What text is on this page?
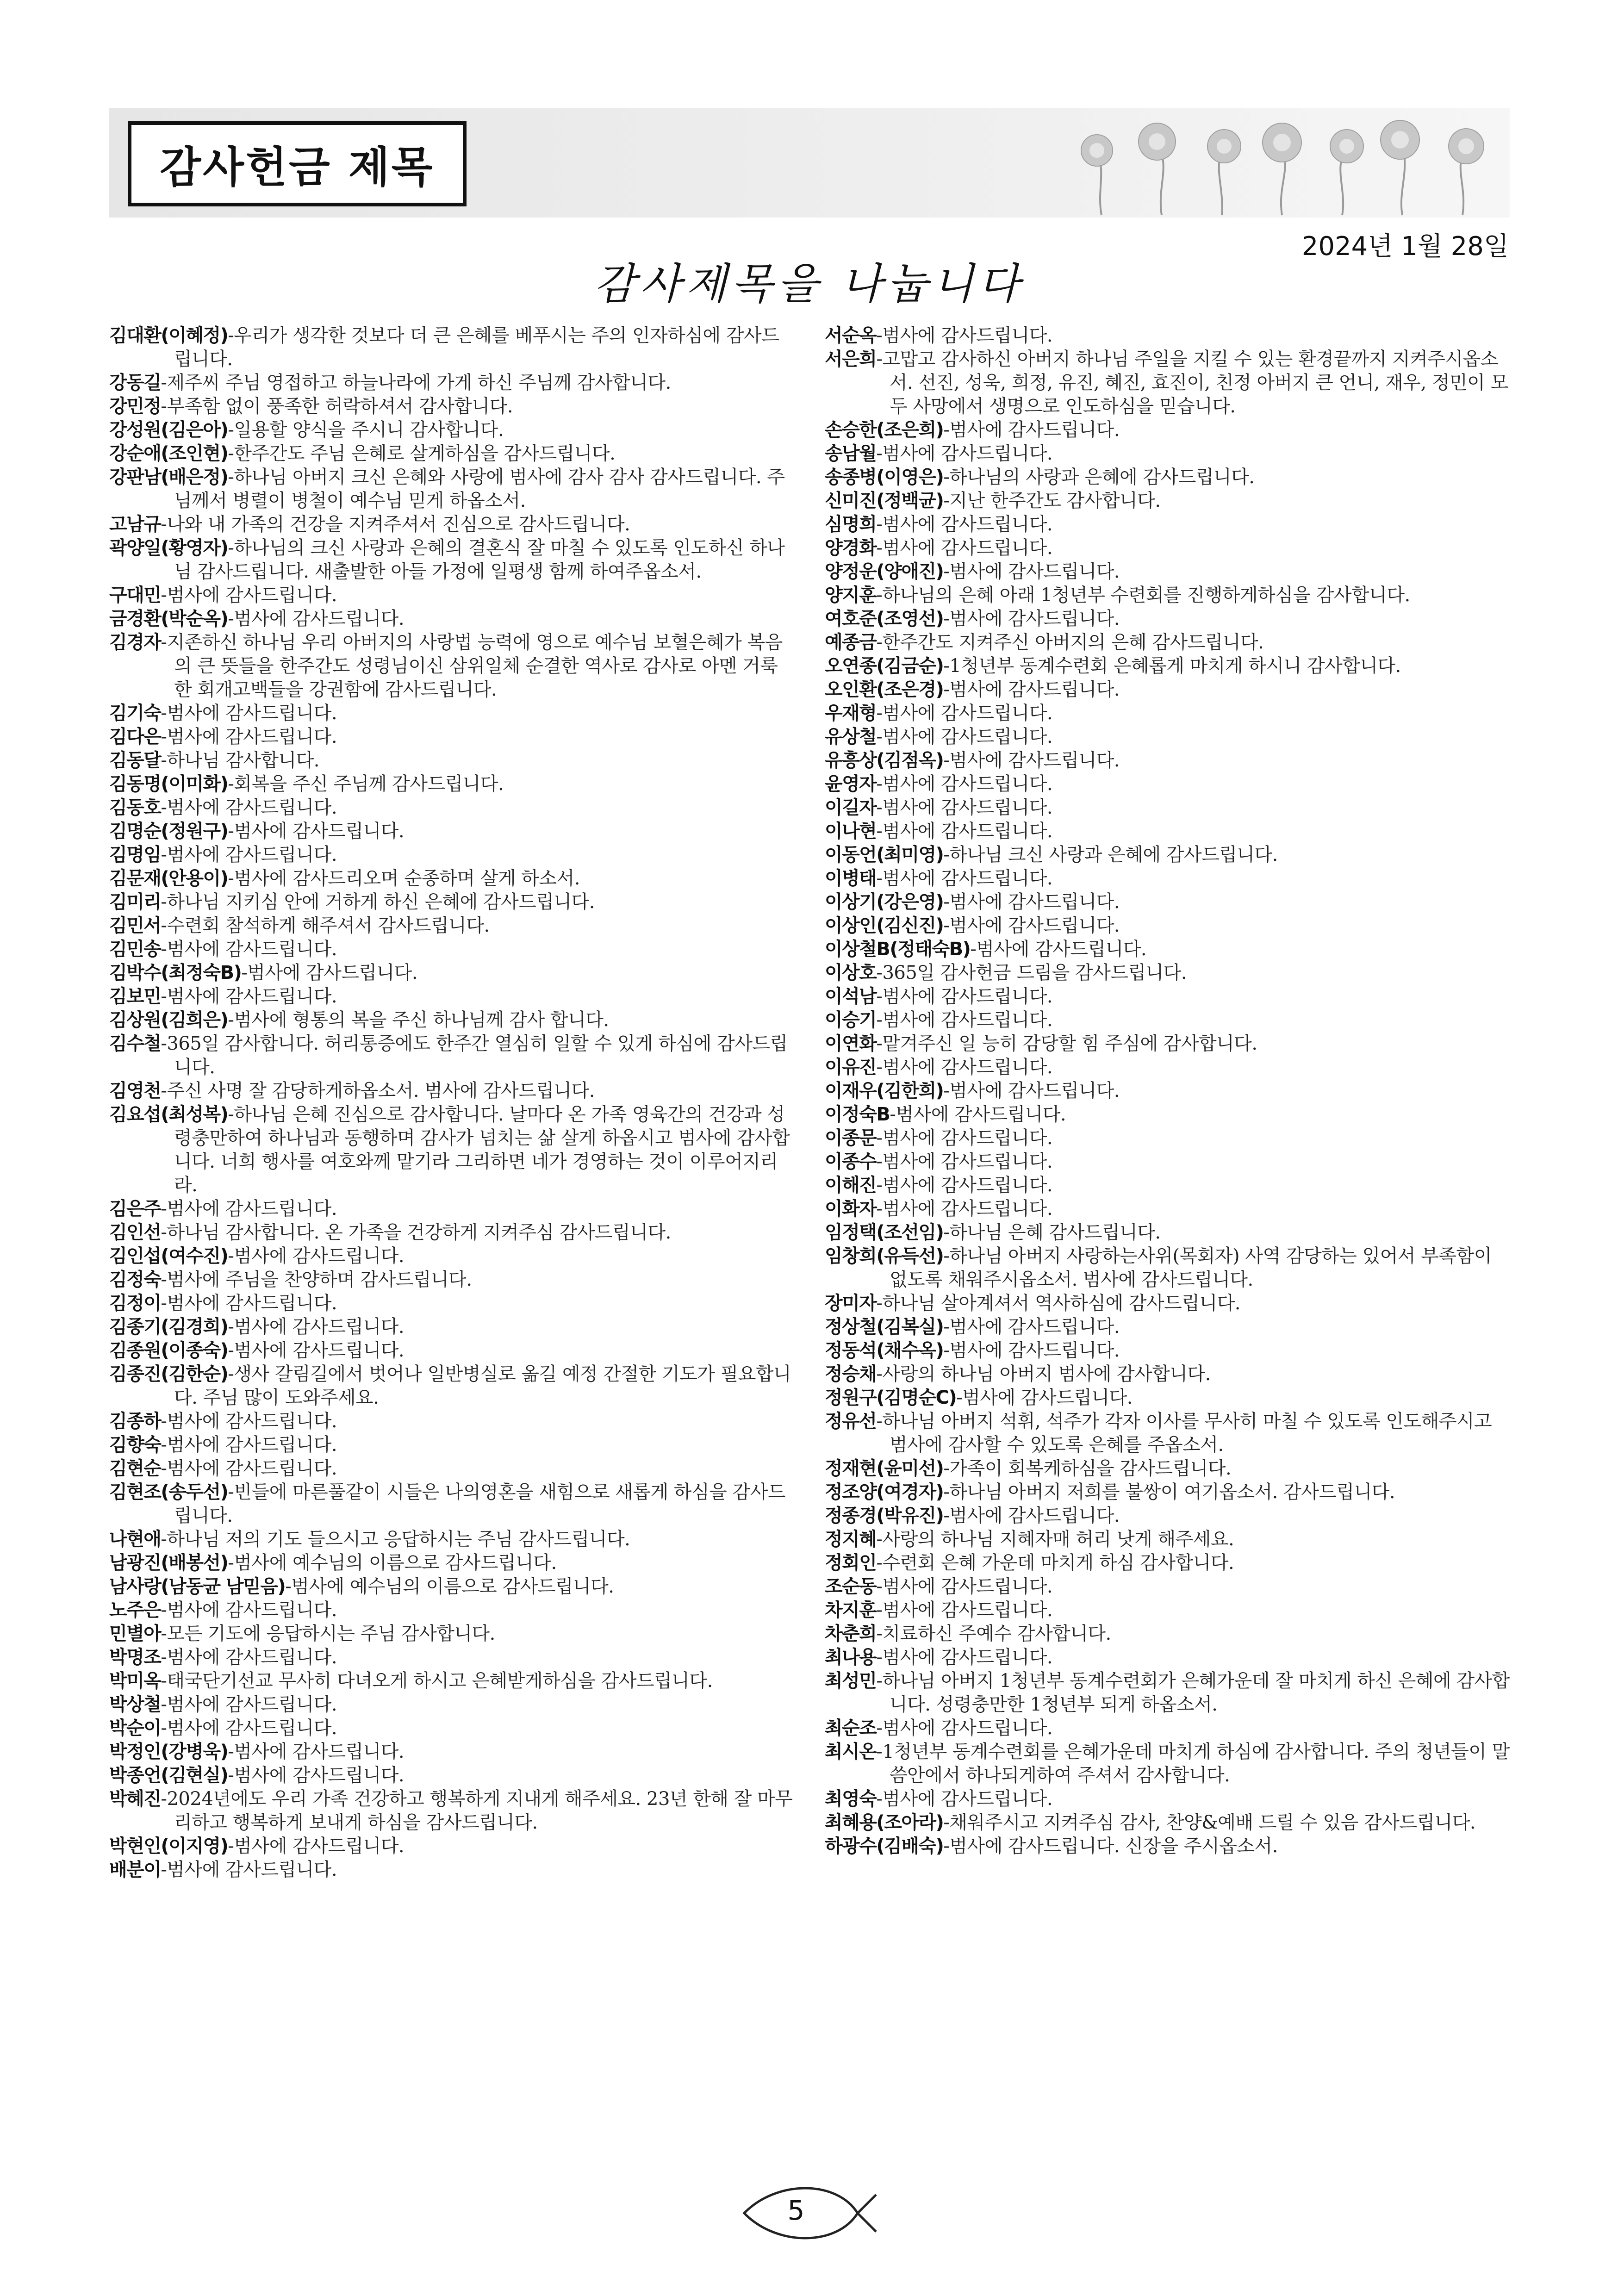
감사헌금 제목
2024년 1월 28일
감사제목을 나눕니다
김대환(이혜정)-우리가 생각한 것보다 더 큰 은혜를 베푸시는 주의 인자하심에 감사드립니다.
강동길-제주씨 주님 영접하고 하늘나라에 가게 하신 주님께 감사합니다.
강민정-부족함 없이 풍족한 허락하셔서 감사합니다.
강성원(김은아)-일용할 양식을 주시니 감사합니다.
강순애(조인현)-한주간도 주님 은혜로 살게하심을 감사드립니다.
강판남(배은정)-하나님 아버지 크신 은혜와 사랑에 범사에 감사 감사 감사드립니다. 주님께서 병렬이 병철이 예수님 믿게 하옵소서.
고남규-나와 내 가족의 건강을 지켜주셔서 진심으로 감사드립니다.
곽양일(황영자)-하나님의 크신 사랑과 은혜의 결혼식 잘 마칠 수 있도록 인도하신 하나님 감사드립니다. 새출발한 아들 가정에 일평생 함께 하여주옵소서.
구대민-범사에 감사드립니다.
금경환(박순옥)-범사에 감사드립니다.
김경자-지존하신 하나님 우리 아버지의 사랑법 능력에 영으로 예수님 보혈은혜가 복음의 큰 뜻들을 한주간도 성령님이신 삼위일체 순결한 역사로 감사로 아멘 거룩한 회개고백들을 강권함에 감사드립니다.
김기숙-범사에 감사드립니다.
김다은-범사에 감사드립니다.
김동달-하나님 감사합니다.
김동명(이미화)-회복을 주신 주님께 감사드립니다.
김동호-범사에 감사드립니다.
김명순(정원구)-범사에 감사드립니다.
김명임-범사에 감사드립니다.
김문재(안용이)-범사에 감사드리오며 순종하며 살게 하소서.
김미리-하나님 지키심 안에 거하게 하신 은혜에 감사드립니다.
김민서-수련회 참석하게 해주셔서 감사드립니다.
김민송-범사에 감사드립니다.
김박수(최정숙B)-범사에 감사드립니다.
김보민-범사에 감사드립니다.
김상원(김희은)-범사에 형통의 복을 주신 하나님께 감사 합니다.
김수철-365일 감사합니다. 허리통증에도 한주간 열심히 일할 수 있게 하심에 감사드립니다.
김영천-주신 사명 잘 감당하게하옵소서. 범사에 감사드립니다.
김요섭(최성복)-하나님 은혜 진심으로 감사합니다. 날마다 온 가족 영육간의 건강과 성령충만하여 하나님과 동행하며 감사가 넘치는 삶 살게 하옵시고 범사에 감사합니다. 너희 행사를 여호와께 맡기라 그리하면 네가 경영하는 것이 이루어지리라.
김은주-범사에 감사드립니다.
김인선-하나님 감사합니다. 온 가족을 건강하게 지켜주심 감사드립니다.
김인섭(여수진)-범사에 감사드립니다.
김정숙-범사에 주님을 찬양하며 감사드립니다.
김정이-범사에 감사드립니다.
김종기(김경희)-범사에 감사드립니다.
김종원(이종숙)-범사에 감사드립니다.
김종진(김한순)-생사 갈림길에서 벗어나 일반병실로 옮길 예정 간절한 기도가 필요합니다. 주님 많이 도와주세요.
김종하-범사에 감사드립니다.
김향숙-범사에 감사드립니다.
김현순-범사에 감사드립니다.
김현조(송두선)-빈들에 마른풀같이 시들은 나의영혼을 새힘으로 새롭게 하심을 감사드립니다.
나현애-하나님 저의 기도 들으시고 응답하시는 주님 감사드립니다.
남광진(배봉선)-범사에 예수님의 이름으로 감사드립니다.
남사랑(남동균 남믿음)-범사에 예수님의 이름으로 감사드립니다.
노주은-범사에 감사드립니다.
민별아-모든 기도에 응답하시는 주님 감사합니다.
박명조-범사에 감사드립니다.
박미옥-태국단기선교 무사히 다녀오게 하시고 은혜받게하심을 감사드립니다.
박상철-범사에 감사드립니다.
박순이-범사에 감사드립니다.
박정인(강병욱)-범사에 감사드립니다.
박종언(김현실)-범사에 감사드립니다.
박혜진-2024년에도 우리 가족 건강하고 행복하게 지내게 해주세요. 23년 한해 잘 마무리하고 행복하게 보내게 하심을 감사드립니다.
박현인(이지영)-범사에 감사드립니다.
배분이-범사에 감사드립니다.
서순옥-범사에 감사드립니다.
서은희-고맙고 감사하신 아버지 하나님 주일을 지킬 수 있는 환경끝까지 지켜주시옵소서. 선진, 성욱, 희정, 유진, 혜진, 효진이, 친정 아버지 큰 언니, 재우, 정민이 모두 사망에서 생명으로 인도하심을 믿습니다.
손승한(조은희)-범사에 감사드립니다.
송남월-범사에 감사드립니다.
송종병(이영은)-하나님의 사랑과 은혜에 감사드립니다.
신미진(정백균)-지난 한주간도 감사합니다.
심명희-범사에 감사드립니다.
양경화-범사에 감사드립니다.
양정운(양애진)-범사에 감사드립니다.
양지훈-하나님의 은혜 아래 1청년부 수련회를 진행하게하심을 감사합니다.
여호준(조영선)-범사에 감사드립니다.
예종금-한주간도 지켜주신 아버지의 은혜 감사드립니다.
오연종(김금순)-1청년부 동계수련회 은혜롭게 마치게 하시니 감사합니다.
오인환(조은경)-범사에 감사드립니다.
우재형-범사에 감사드립니다.
유상철-범사에 감사드립니다.
유흥상(김점옥)-범사에 감사드립니다.
윤영자-범사에 감사드립니다.
이길자-범사에 감사드립니다.
이나현-범사에 감사드립니다.
이동언(최미영)-하나님 크신 사랑과 은혜에 감사드립니다.
이병태-범사에 감사드립니다.
이상기(강은영)-범사에 감사드립니다.
이상인(김신진)-범사에 감사드립니다.
이상철B(정태숙B)-범사에 감사드립니다.
이상호-365일 감사헌금 드림을 감사드립니다.
이석남-범사에 감사드립니다.
이승기-범사에 감사드립니다.
이연화-맡겨주신 일 능히 감당할 힘 주심에 감사합니다.
이유진-범사에 감사드립니다.
이재우(김한희)-범사에 감사드립니다.
이정숙B-범사에 감사드립니다.
이종문-범사에 감사드립니다.
이종수-범사에 감사드립니다.
이해진-범사에 감사드립니다.
이화자-범사에 감사드립니다.
임정택(조선임)-하나님 은혜 감사드립니다.
임창희(유득선)-하나님 아버지 사랑하는사위(목회자) 사역 감당하는 있어서 부족함이 없도록 채워주시옵소서. 범사에 감사드립니다.
장미자-하나님 살아계셔서 역사하심에 감사드립니다.
정상철(김복실)-범사에 감사드립니다.
정동석(채수옥)-범사에 감사드립니다.
정승채-사랑의 하나님 아버지 범사에 감사합니다.
정원구(김명순C)-범사에 감사드립니다.
정유선-하나님 아버지 석휘, 석주가 각자 이사를 무사히 마칠 수 있도록 인도해주시고 범사에 감사할 수 있도록 은혜를 주옵소서.
정재현(윤미선)-가족이 회복케하심을 감사드립니다.
정조양(여경자)-하나님 아버지 저희를 불쌍이 여기옵소서. 감사드립니다.
정종경(박유진)-범사에 감사드립니다.
정지혜-사랑의 하나님 지혜자매 허리 낫게 해주세요.
정회인-수련회 은혜 가운데 마치게 하심 감사합니다.
조순동-범사에 감사드립니다.
차지훈-범사에 감사드립니다.
차춘희-치료하신 주예수 감사합니다.
최나용-범사에 감사드립니다.
최성민-하나님 아버지 1청년부 동계수련회가 은혜가운데 잘 마치게 하신 은혜에 감사합니다. 성령충만한 1청년부 되게 하옵소서.
최순조-범사에 감사드립니다.
최시온-1청년부 동계수련회를 은혜가운데 마치게 하심에 감사합니다. 주의 청년들이 말씀안에서 하나되게하여 주셔서 감사합니다.
최영숙-범사에 감사드립니다.
최혜용(조아라)-채워주시고 지켜주심 감사, 찬양&예배 드릴 수 있음 감사드립니다.
하광수(김배숙)-범사에 감사드립니다. 신장을 주시옵소서.
5
